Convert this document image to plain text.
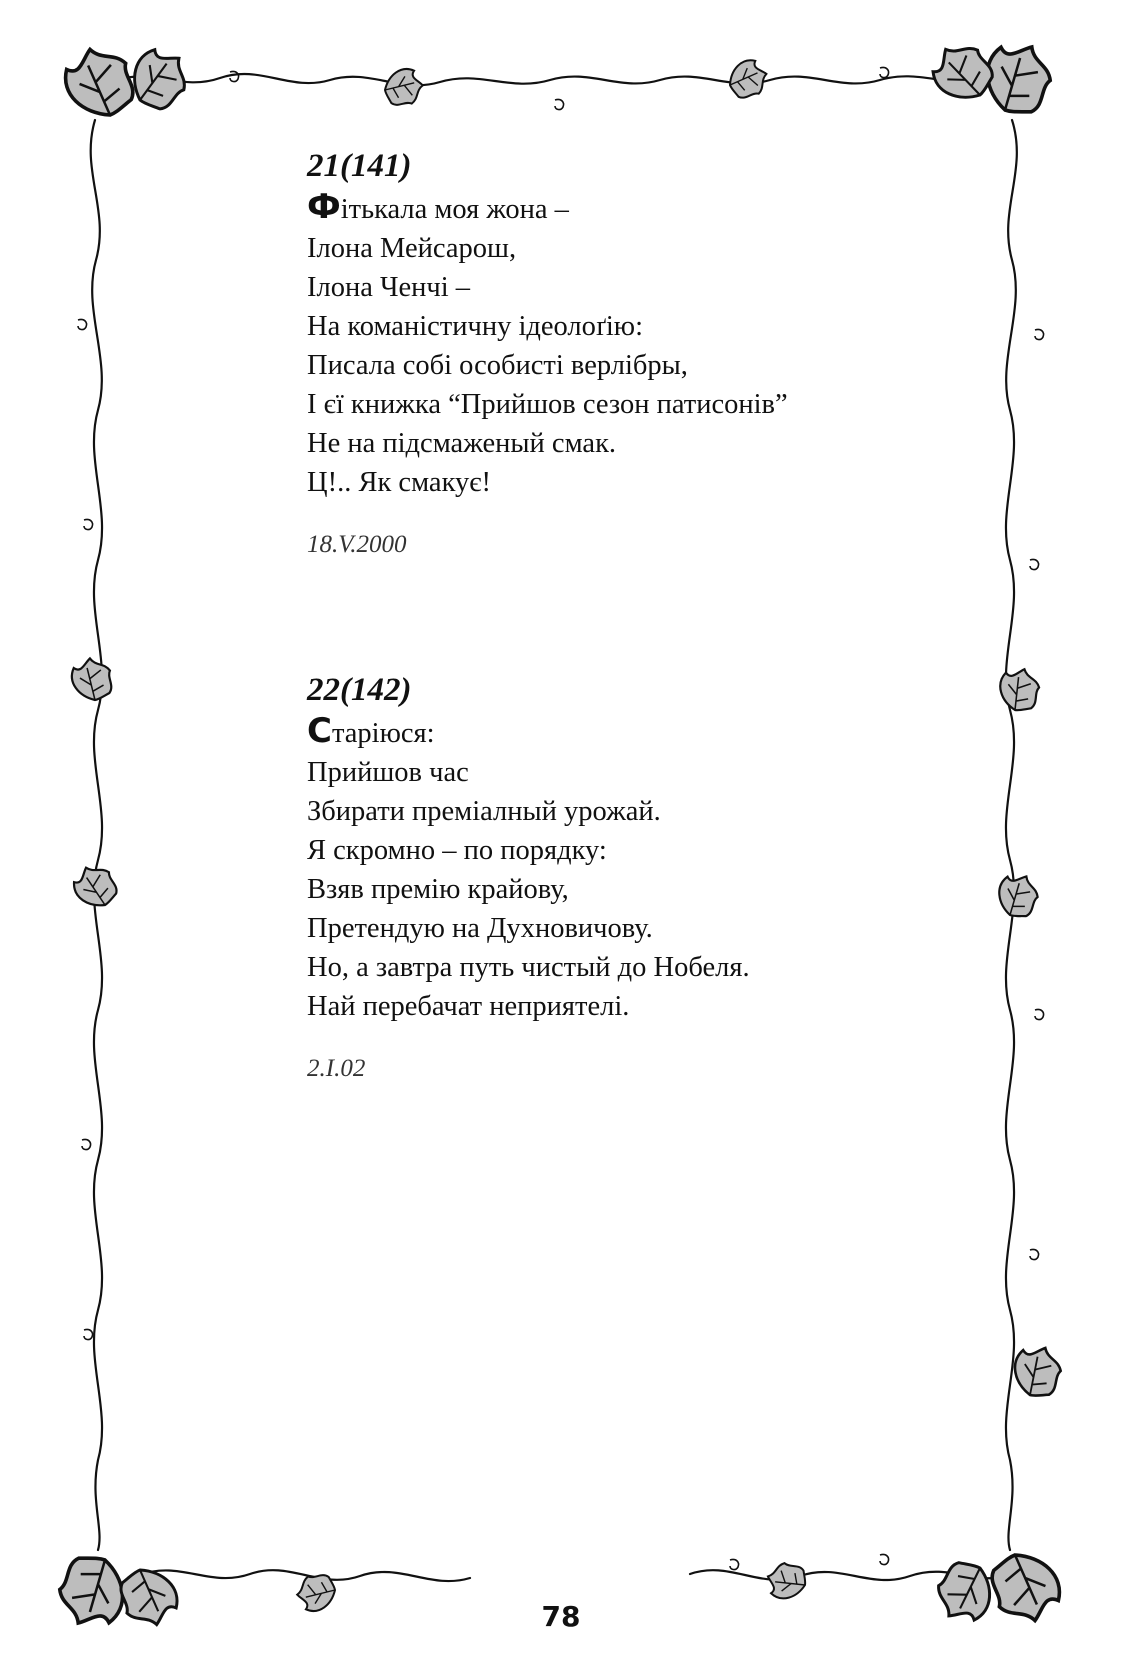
21(141)
Фітькала моя жона –
Ілона Мейсарош,
Ілона Ченчі –
На команістичну ідеолоґію:
Писала собі особисті верлібры,
І єї книжка “Прийшов сезон патисонів”
Не на підсмаженый смак.
Ц!.. Як смакує!
18.V.2000
22(142)
Старіюся:
Прийшов час
Збирати преміалный урожай.
Я скромно – по порядку:
Взяв премію крайову,
Претендую на Духновичову.
Но, а завтра путь чистый до Нобеля.
Най перебачат неприятелі.
2.I.02
78
